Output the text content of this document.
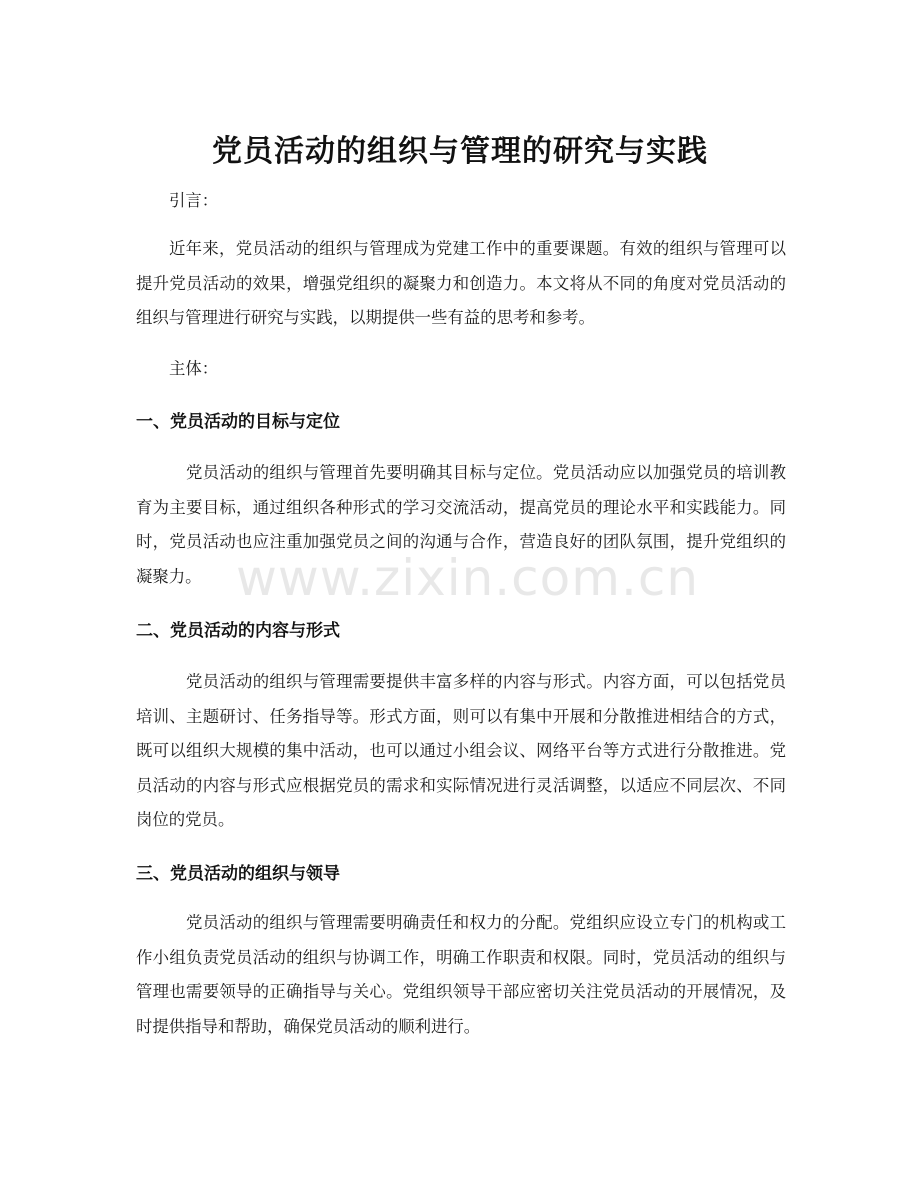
党员活动的组织与管理的研究与实践

引言：

近年来，党员活动的组织与管理成为党建工作中的重要课题。有效的组织与管理可以提升党员活动的效果，增强党组织的凝聚力和创造力。本文将从不同的角度对党员活动的组织与管理进行研究与实践，以期提供一些有益的思考和参考。

主体：

一、党员活动的目标与定位

党员活动的组织与管理首先要明确其目标与定位。党员活动应以加强党员的培训教育为主要目标，通过组织各种形式的学习交流活动，提高党员的理论水平和实践能力。同时，党员活动也应注重加强党员之间的沟通与合作，营造良好的团队氛围，提升党组织的凝聚力。

二、党员活动的内容与形式

党员活动的组织与管理需要提供丰富多样的内容与形式。内容方面，可以包括党员培训、主题研讨、任务指导等。形式方面，则可以有集中开展和分散推进相结合的方式，既可以组织大规模的集中活动，也可以通过小组会议、网络平台等方式进行分散推进。党员活动的内容与形式应根据党员的需求和实际情况进行灵活调整，以适应不同层次、不同岗位的党员。

三、党员活动的组织与领导

党员活动的组织与管理需要明确责任和权力的分配。党组织应设立专门的机构或工作小组负责党员活动的组织与协调工作，明确工作职责和权限。同时，党员活动的组织与管理也需要领导的正确指导与关心。党组织领导干部应密切关注党员活动的开展情况，及时提供指导和帮助，确保党员活动的顺利进行。

www.zixin.com.cn
